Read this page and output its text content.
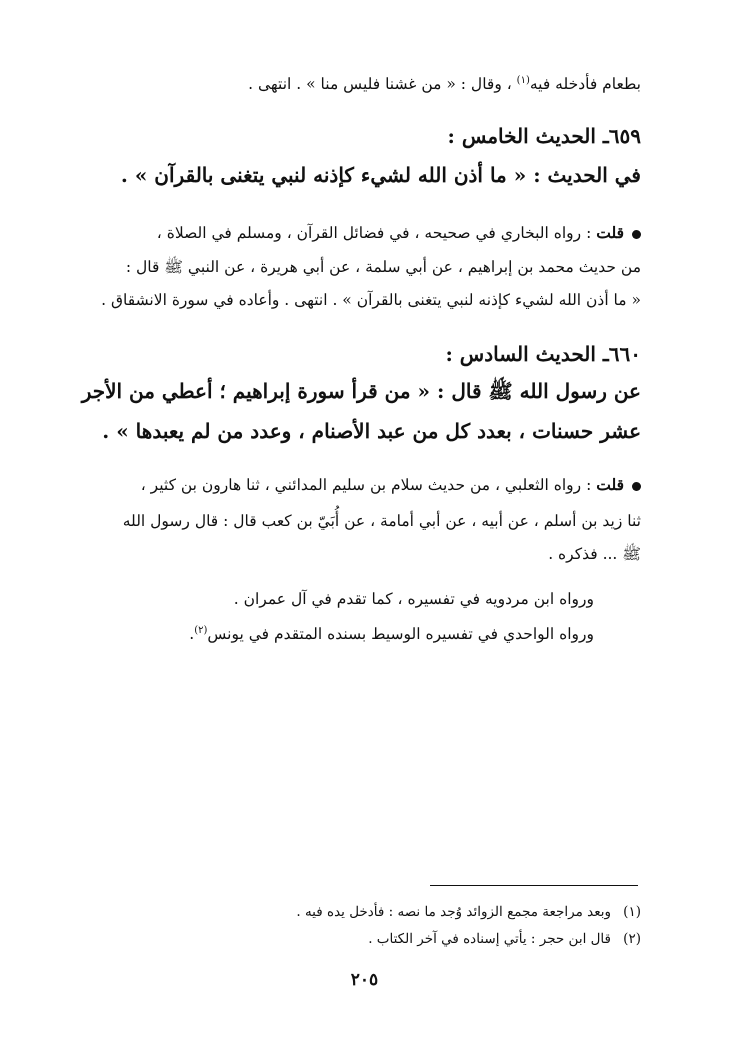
بطعام فأدخله فيه$^{(١)}$ ، وقال : « من غشنا فليس منا » . انتهى .
٦٥٩ـ الحديث الخامس :
في الحديث : « ما أذن الله لشيء كإذنه لنبي يتغنى بالقرآن » .
قلت : رواه البخاري في صحيحه ، في فضائل القرآن ، ومسلم في الصلاة ،
من حديث محمد بن إبراهيم ، عن أبي سلمة ، عن أبي هريرة ، عن النبي ﷺ قال :
« ما أذن الله لشيء كإذنه لنبي يتغنى بالقرآن » . انتهى . وأعاده في سورة الانشقاق .
٦٦٠ـ الحديث السادس :
عن رسول الله ﷺ قال : « من قرأ سورة إبراهيم ؛ أعطي من الأجر
عشر حسنات ، بعدد كل من عبد الأصنام ، وعدد من لم يعبدها » .
قلت : رواه الثعلبي ، من حديث سلام بن سليم المدائني ، ثنا هارون بن كثير ،
ثنا زيد بن أسلم ، عن أبيه ، عن أبي أمامة ، عن أُبَيّ بن كعب قال : قال رسول الله
ﷺ ... فذكره .
ورواه ابن مردويه في تفسيره ، كما تقدم في آل عمران .
ورواه الواحدي في تفسيره الوسيط بسنده المتقدم في يونس$^{(٢)}$.
(١)وبعد مراجعة مجمع الزوائد وُجد ما نصه : فأدخل يده فيه .
(٢)قال ابن حجر : يأتي إسناده في آخر الكتاب .
٢٠٥
